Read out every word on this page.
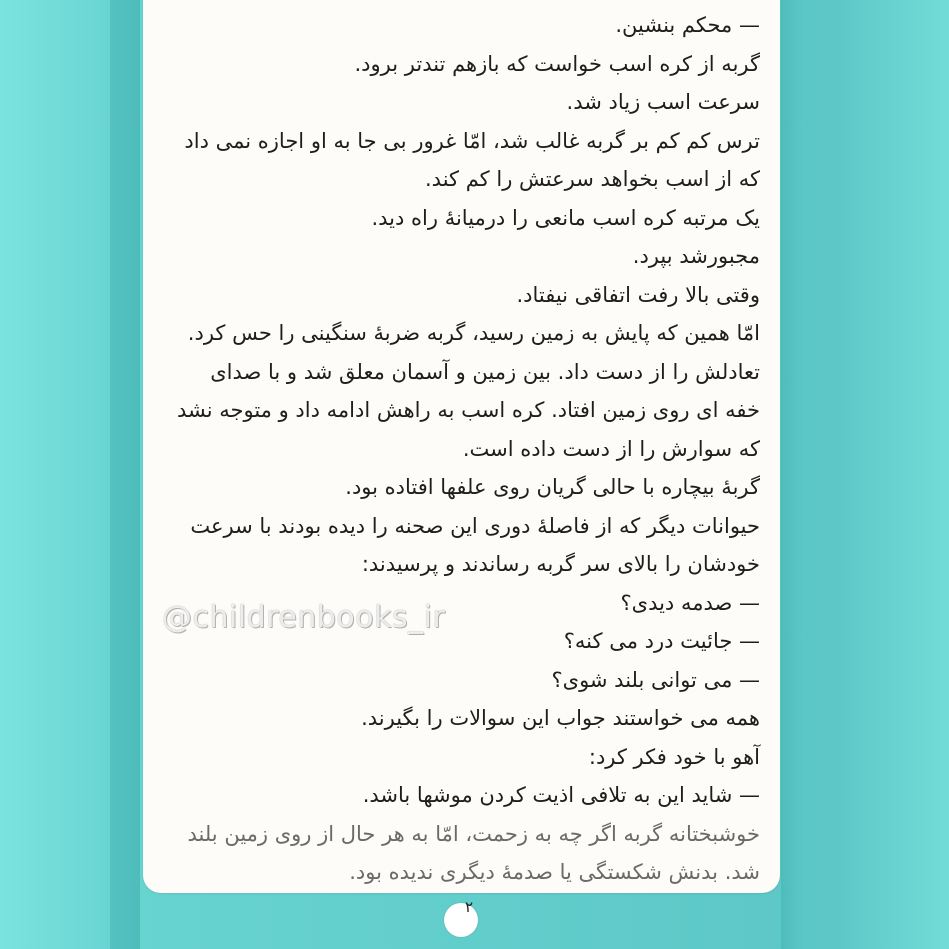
— محکم بنشین.
گربه از کره اسب خواست که بازهم تندتر برود.
سرعت اسب زیاد شد.
ترس کم کم بر گربه غالب شد، امّا غرور بی جا به او اجازه نمی داد
که از اسب بخواهد سرعتش را کم کند.
یک مرتبه کره اسب مانعی را درمیانهٔ راه دید.
مجبورشد بپرد.
وقتی بالا رفت اتفاقی نیفتاد.
امّا همین که پایش به زمین رسید، گربه ضربهٔ سنگینی را حس کرد.
تعادلش را از دست داد. بین زمین و آسمان معلق شد و با صدای
خفه ای روی زمین افتاد. کره اسب به راهش ادامه داد و متوجه نشد
که سوارش را از دست داده است.
گربهٔ بیچاره با حالی گریان روی علفها افتاده بود.
حیوانات دیگر که از فاصلهٔ دوری این صحنه را دیده بودند با سرعت
خودشان را بالای سر گربه رساندند و پرسیدند:
— صدمه دیدی؟
— جائیت درد می کنه؟
— می توانی بلند شوی؟
همه می خواستند جواب این سوالات را بگیرند.
آهو با خود فکر کرد:
— شاید این به تلافی اذیت کردن موشها باشد.
خوشبختانه گربه اگر چه به زحمت، امّا به هر حال از روی زمین بلند
شد. بدنش شکستگی یا صدمهٔ دیگری ندیده بود.
@childrenbooks_ir
۲
